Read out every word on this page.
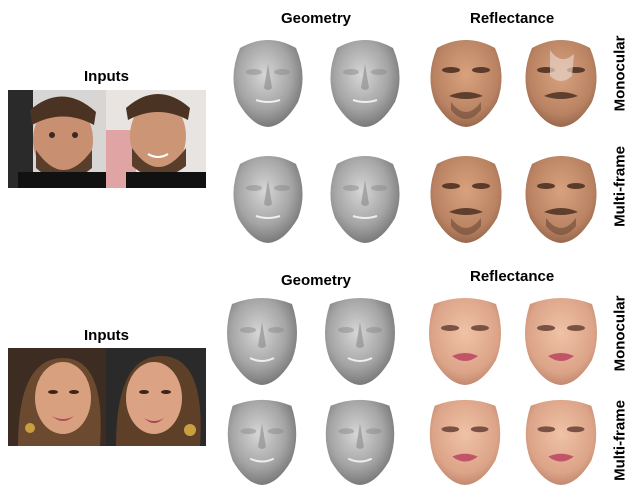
Inputs
Geometry	Reflectance
Monocular
Multi-frame
Inputs
Geometry	Reflectance
Monocular
Multi-frame
